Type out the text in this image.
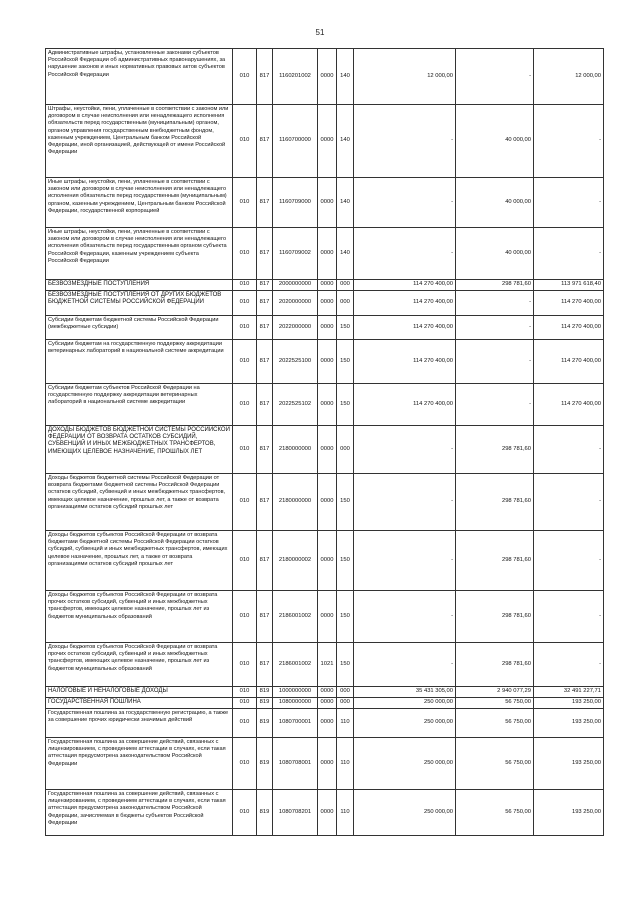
51
Административные штрафы, установленные законами субъектов Российской Федерации об административных правонарушениях, за нарушение законов и иных нормативных правовых актов субъектов Российской Федерации	010	817	1160201002	0000	140	12 000,00	-	12 000,00
Штрафы, неустойки, пени, уплаченные в соответствии с законом или договором в случае неисполнения или ненадлежащего исполнения обязательств перед государственным (муниципальным) органом, органом управления государственным внебюджетным фондом, казенным учреждением, Центральным банком Российской Федерации, иной организацией, действующей от имени Российской Федерации	010	817	1160700000	0000	140	-	40 000,00	-
Иные штрафы, неустойки, пени, уплаченные в соответствии с законом или договором в случае неисполнения или ненадлежащего исполнения обязательств перед государственным (муниципальным) органом, казенным учреждением, Центральным банком Российской Федерации, государственной корпорацией	010	817	1160709000	0000	140	-	40 000,00	-
Иные штрафы, неустойки, пени, уплаченные в соответствии с законом или договором в случае неисполнения или ненадлежащего исполнения обязательств перед государственным органом субъекта Российской Федерации, казенным учреждением субъекта Российской Федерации	010	817	1160709002	0000	140	-	40 000,00	-
БЕЗВОЗМЕЗДНЫЕ ПОСТУПЛЕНИЯ	010	817	2000000000	0000	000	114 270 400,00	298 781,60	113 971 618,40
БЕЗВОЗМЕЗДНЫЕ ПОСТУПЛЕНИЯ ОТ ДРУГИХ БЮДЖЕТОВ БЮДЖЕТНОЙ СИСТЕМЫ РОССИЙСКОЙ ФЕДЕРАЦИИ	010	817	2020000000	0000	000	114 270 400,00	-	114 270 400,00
Субсидии бюджетам бюджетной системы Российской Федерации (межбюджетные субсидии)	010	817	2022000000	0000	150	114 270 400,00	-	114 270 400,00
Субсидии бюджетам на государственную поддержку аккредитации ветеринарных лабораторий в национальной системе аккредитации	010	817	2022525100	0000	150	114 270 400,00	-	114 270 400,00
Субсидии бюджетам субъектов Российской Федерации на государственную поддержку аккредитации ветеринарных лабораторий в национальной системе аккредитации	010	817	2022525102	0000	150	114 270 400,00	-	114 270 400,00
ДОХОДЫ БЮДЖЕТОВ БЮДЖЕТНОЙ СИСТЕМЫ РОССИЙСКОЙ ФЕДЕРАЦИИ ОТ ВОЗВРАТА ОСТАТКОВ СУБСИДИЙ, СУБВЕНЦИЙ И ИНЫХ МЕЖБЮДЖЕТНЫХ ТРАНСФЕРТОВ, ИМЕЮЩИХ ЦЕЛЕВОЕ НАЗНАЧЕНИЕ, ПРОШЛЫХ ЛЕТ	010	817	2180000000	0000	000	-	298 781,60	-
Доходы бюджетов бюджетной системы Российской Федерации от возврата бюджетами бюджетной системы Российской Федерации остатков субсидий, субвенций и иных межбюджетных трансфертов, имеющих целевое назначение, прошлых лет, а также от возврата организациями остатков субсидий прошлых лет	010	817	2180000000	0000	150	-	298 781,60	-
Доходы бюджетов субъектов Российской Федерации от возврата бюджетами бюджетной системы Российской Федерации остатков субсидий, субвенций и иных межбюджетных трансфертов, имеющих целевое назначение, прошлых лет, а также от возврата организациями остатков субсидий прошлых лет	010	817	2180000002	0000	150	-	298 781,60	-
Доходы бюджетов субъектов Российской Федерации от возврата прочих остатков субсидий, субвенций и иных межбюджетных трансфертов, имеющих целевое назначение, прошлых лет из бюджетов муниципальных образований	010	817	2186001002	0000	150	-	298 781,60	-
Доходы бюджетов субъектов Российской Федерации от возврата прочих остатков субсидий, субвенций и иных межбюджетных трансфертов, имеющих целевое назначение, прошлых лет из бюджетов муниципальных образований	010	817	2186001002	1021	150	-	298 781,60	-
НАЛОГОВЫЕ И НЕНАЛОГОВЫЕ ДОХОДЫ	010	819	1000000000	0000	000	35 431 305,00	2 940 077,29	32 491 227,71
ГОСУДАРСТВЕННАЯ ПОШЛИНА	010	819	1080000000	0000	000	250 000,00	56 750,00	193 250,00
Государственная пошлина за государственную регистрацию, а также за совершение прочих юридически значимых действий	010	819	1080700001	0000	110	250 000,00	56 750,00	193 250,00
Государственная пошлина за совершение действий, связанных с лицензированием, с проведением аттестации в случаях, если такая аттестация предусмотрена законодательством Российской Федерации	010	819	1080708001	0000	110	250 000,00	56 750,00	193 250,00
Государственная пошлина за совершение действий, связанных с лицензированием, с проведением аттестации в случаях, если такая аттестация предусмотрена законодательством Российской Федерации, зачисляемая в бюджеты субъектов Российской Федерации	010	819	1080708201	0000	110	250 000,00	56 750,00	193 250,00
